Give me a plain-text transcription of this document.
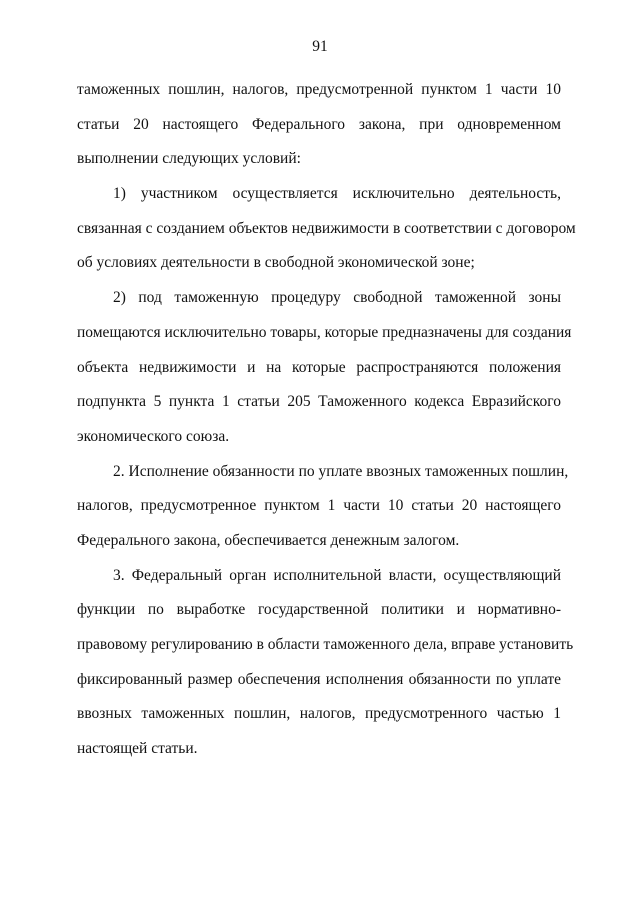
91
таможенных пошлин, налогов, предусмотренной пунктом 1 части 10
статьи 20 настоящего Федерального закона, при одновременном
выполнении следующих условий:
1) участником осуществляется исключительно деятельность,
связанная с созданием объектов недвижимости в соответствии с договором
об условиях деятельности в свободной экономической зоне;
2) под таможенную процедуру свободной таможенной зоны
помещаются исключительно товары, которые предназначены для создания
объекта недвижимости и на которые распространяются положения
подпункта 5 пункта 1 статьи 205 Таможенного кодекса Евразийского
экономического союза.
2. Исполнение обязанности по уплате ввозных таможенных пошлин,
налогов, предусмотренное пунктом 1 части 10 статьи 20 настоящего
Федерального закона, обеспечивается денежным залогом.
3. Федеральный орган исполнительной власти, осуществляющий
функции по выработке государственной политики и нормативно-
правовому регулированию в области таможенного дела, вправе установить
фиксированный размер обеспечения исполнения обязанности по уплате
ввозных таможенных пошлин, налогов, предусмотренного частью 1
настоящей статьи.
